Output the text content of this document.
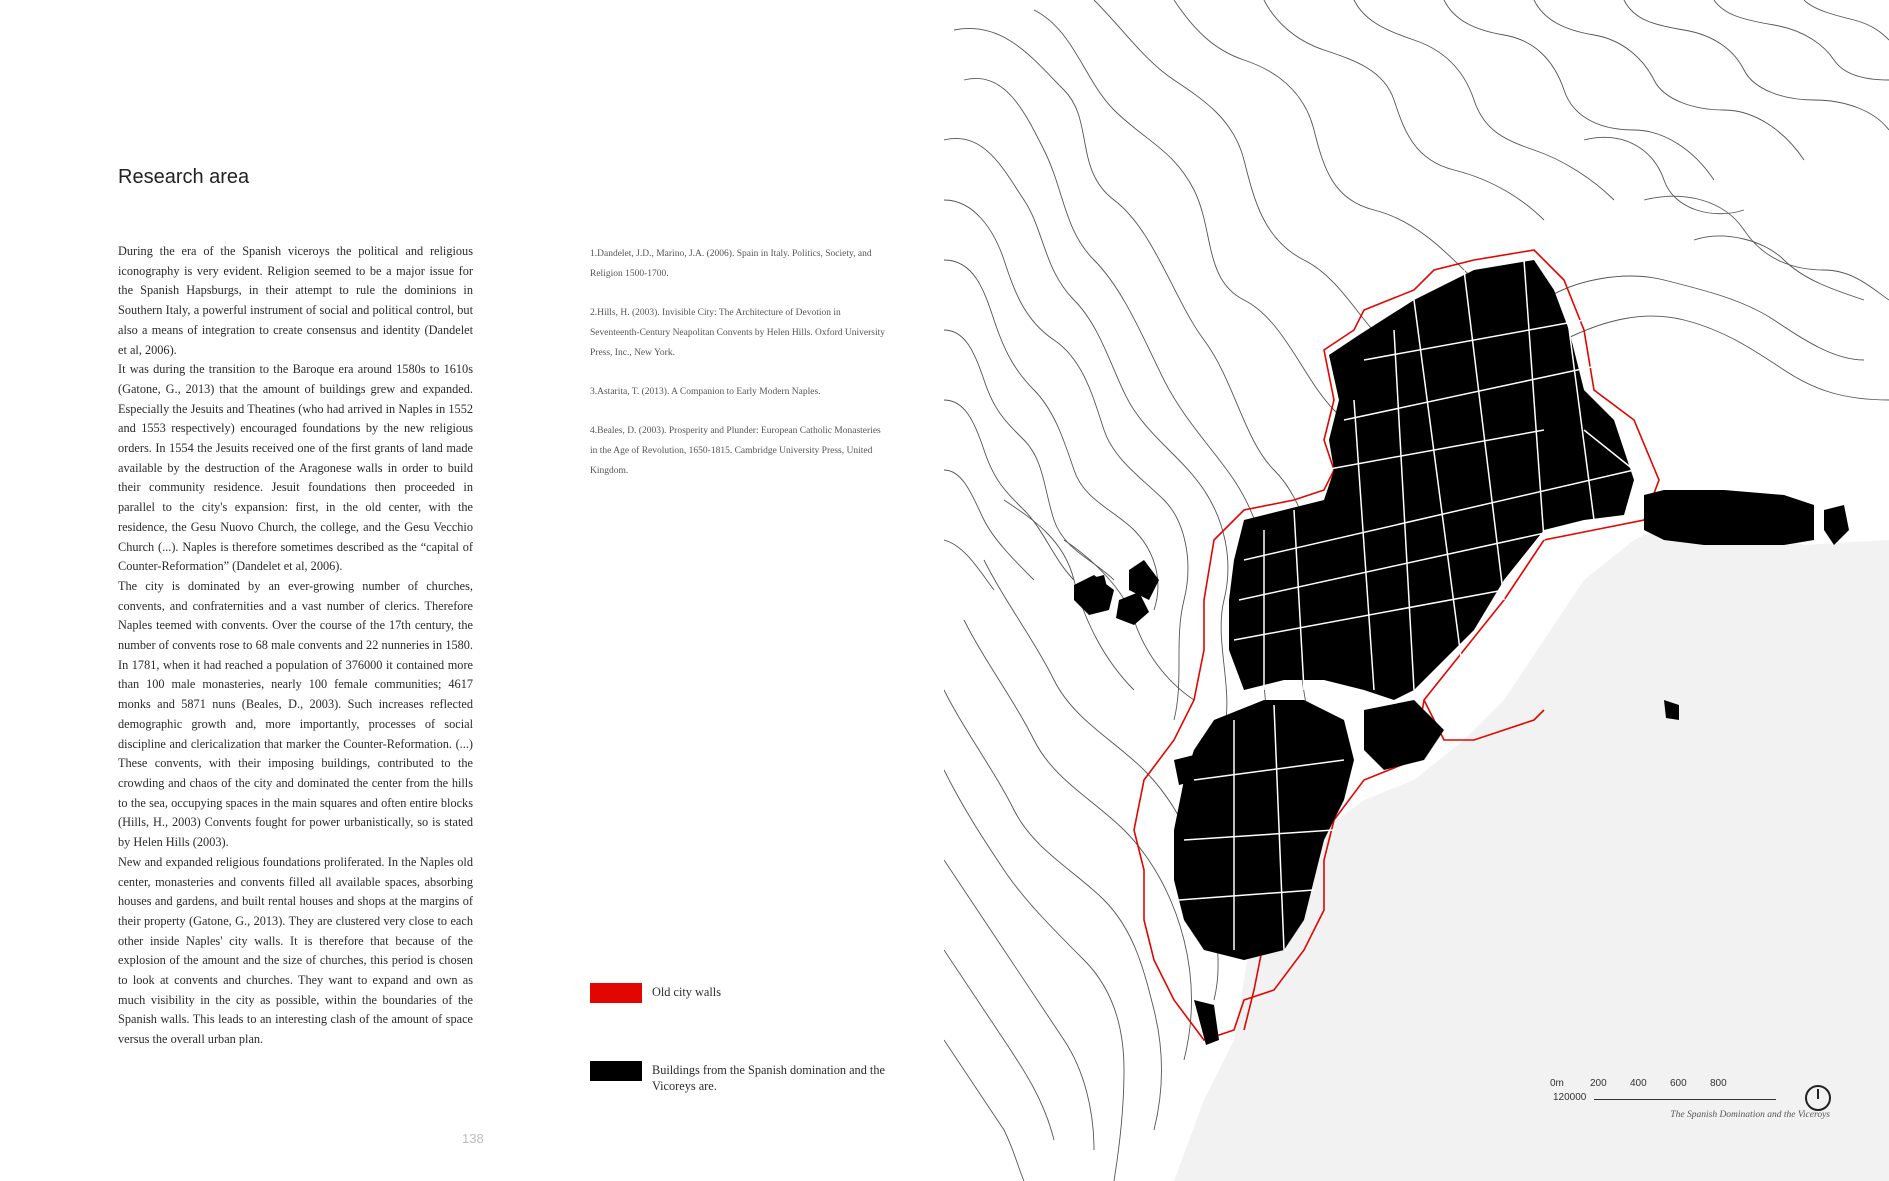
Research area

During the era of the Spanish viceroys the political and religious iconography is very evident. Religion seemed to be a major issue for the Spanish Hapsburgs, in their attempt to rule the dominions in Southern Italy, a powerful instrument of social and political control, but also a means of integration to create consensus and identity (Dandelet et al, 2006).

It was during the transition to the Baroque era around 1580s to 1610s (Gatone, G., 2013) that the amount of buildings grew and expanded. Especially the Jesuits and Theatines (who had arrived in Naples in 1552 and 1553 respectively) encouraged foundations by the new religious orders. In 1554 the Jesuits received one of the first grants of land made available by the destruction of the Aragonese walls in order to build their community residence. Jesuit foundations then proceeded in parallel to the city's expansion: first, in the old center, with the residence, the Gesu Nuovo Church, the college, and the Gesu Vecchio Church (...). Naples is therefore sometimes described as the “capital of Counter-Reformation” (Dandelet et al, 2006).

The city is dominated by an ever-growing number of churches, convents, and confraternities and a vast number of clerics. Therefore Naples teemed with convents. Over the course of the 17th century, the number of convents rose to 68 male convents and 22 nunneries in 1580. In 1781, when it had reached a population of 376000 it contained more than 100 male monasteries, nearly 100 female communities; 4617 monks and 5871 nuns (Beales, D., 2003). Such increases reflected demographic growth and, more importantly, processes of social discipline and clericalization that marker the Counter-Reformation. (...) These convents, with their imposing buildings, contributed to the crowding and chaos of the city and dominated the center from the hills to the sea, occupying spaces in the main squares and often entire blocks (Hills, H., 2003) Convents fought for power urbanistically, so is stated by Helen Hills (2003).

New and expanded religious foundations proliferated. In the Naples old center, monasteries and convents filled all available spaces, absorbing houses and gardens, and built rental houses and shops at the margins of their property (Gatone, G., 2013). They are clustered very close to each other inside Naples' city walls. It is therefore that because of the explosion of the amount and the size of churches, this period is chosen to look at convents and churches. They want to expand and own as much visibility in the city as possible, within the boundaries of the Spanish walls. This leads to an interesting clash of the amount of space versus the overall urban plan.

1.Dandelet, J.D., Marino, J.A. (2006). Spain in Italy. Politics, Society, and Religion 1500-1700.

2.Hills, H. (2003). Invisible City: The Architecture of Devotion in Seventeenth-Century Neapolitan Convents by Helen Hills. Oxford University Press, Inc., New York.

3.Astarita, T. (2013). A Companion to Early Modern Naples.

4.Beales, D. (2003). Prosperity and Plunder: European Catholic Monasteries in the Age of Revolution, 1650-1815. Cambridge University Press, United Kingdom.

Old city walls
Buildings from the Spanish domination and the Vicoreys are.
138
0m	200 400 600 800
120000
The Spanish Domination and the Viceroys
